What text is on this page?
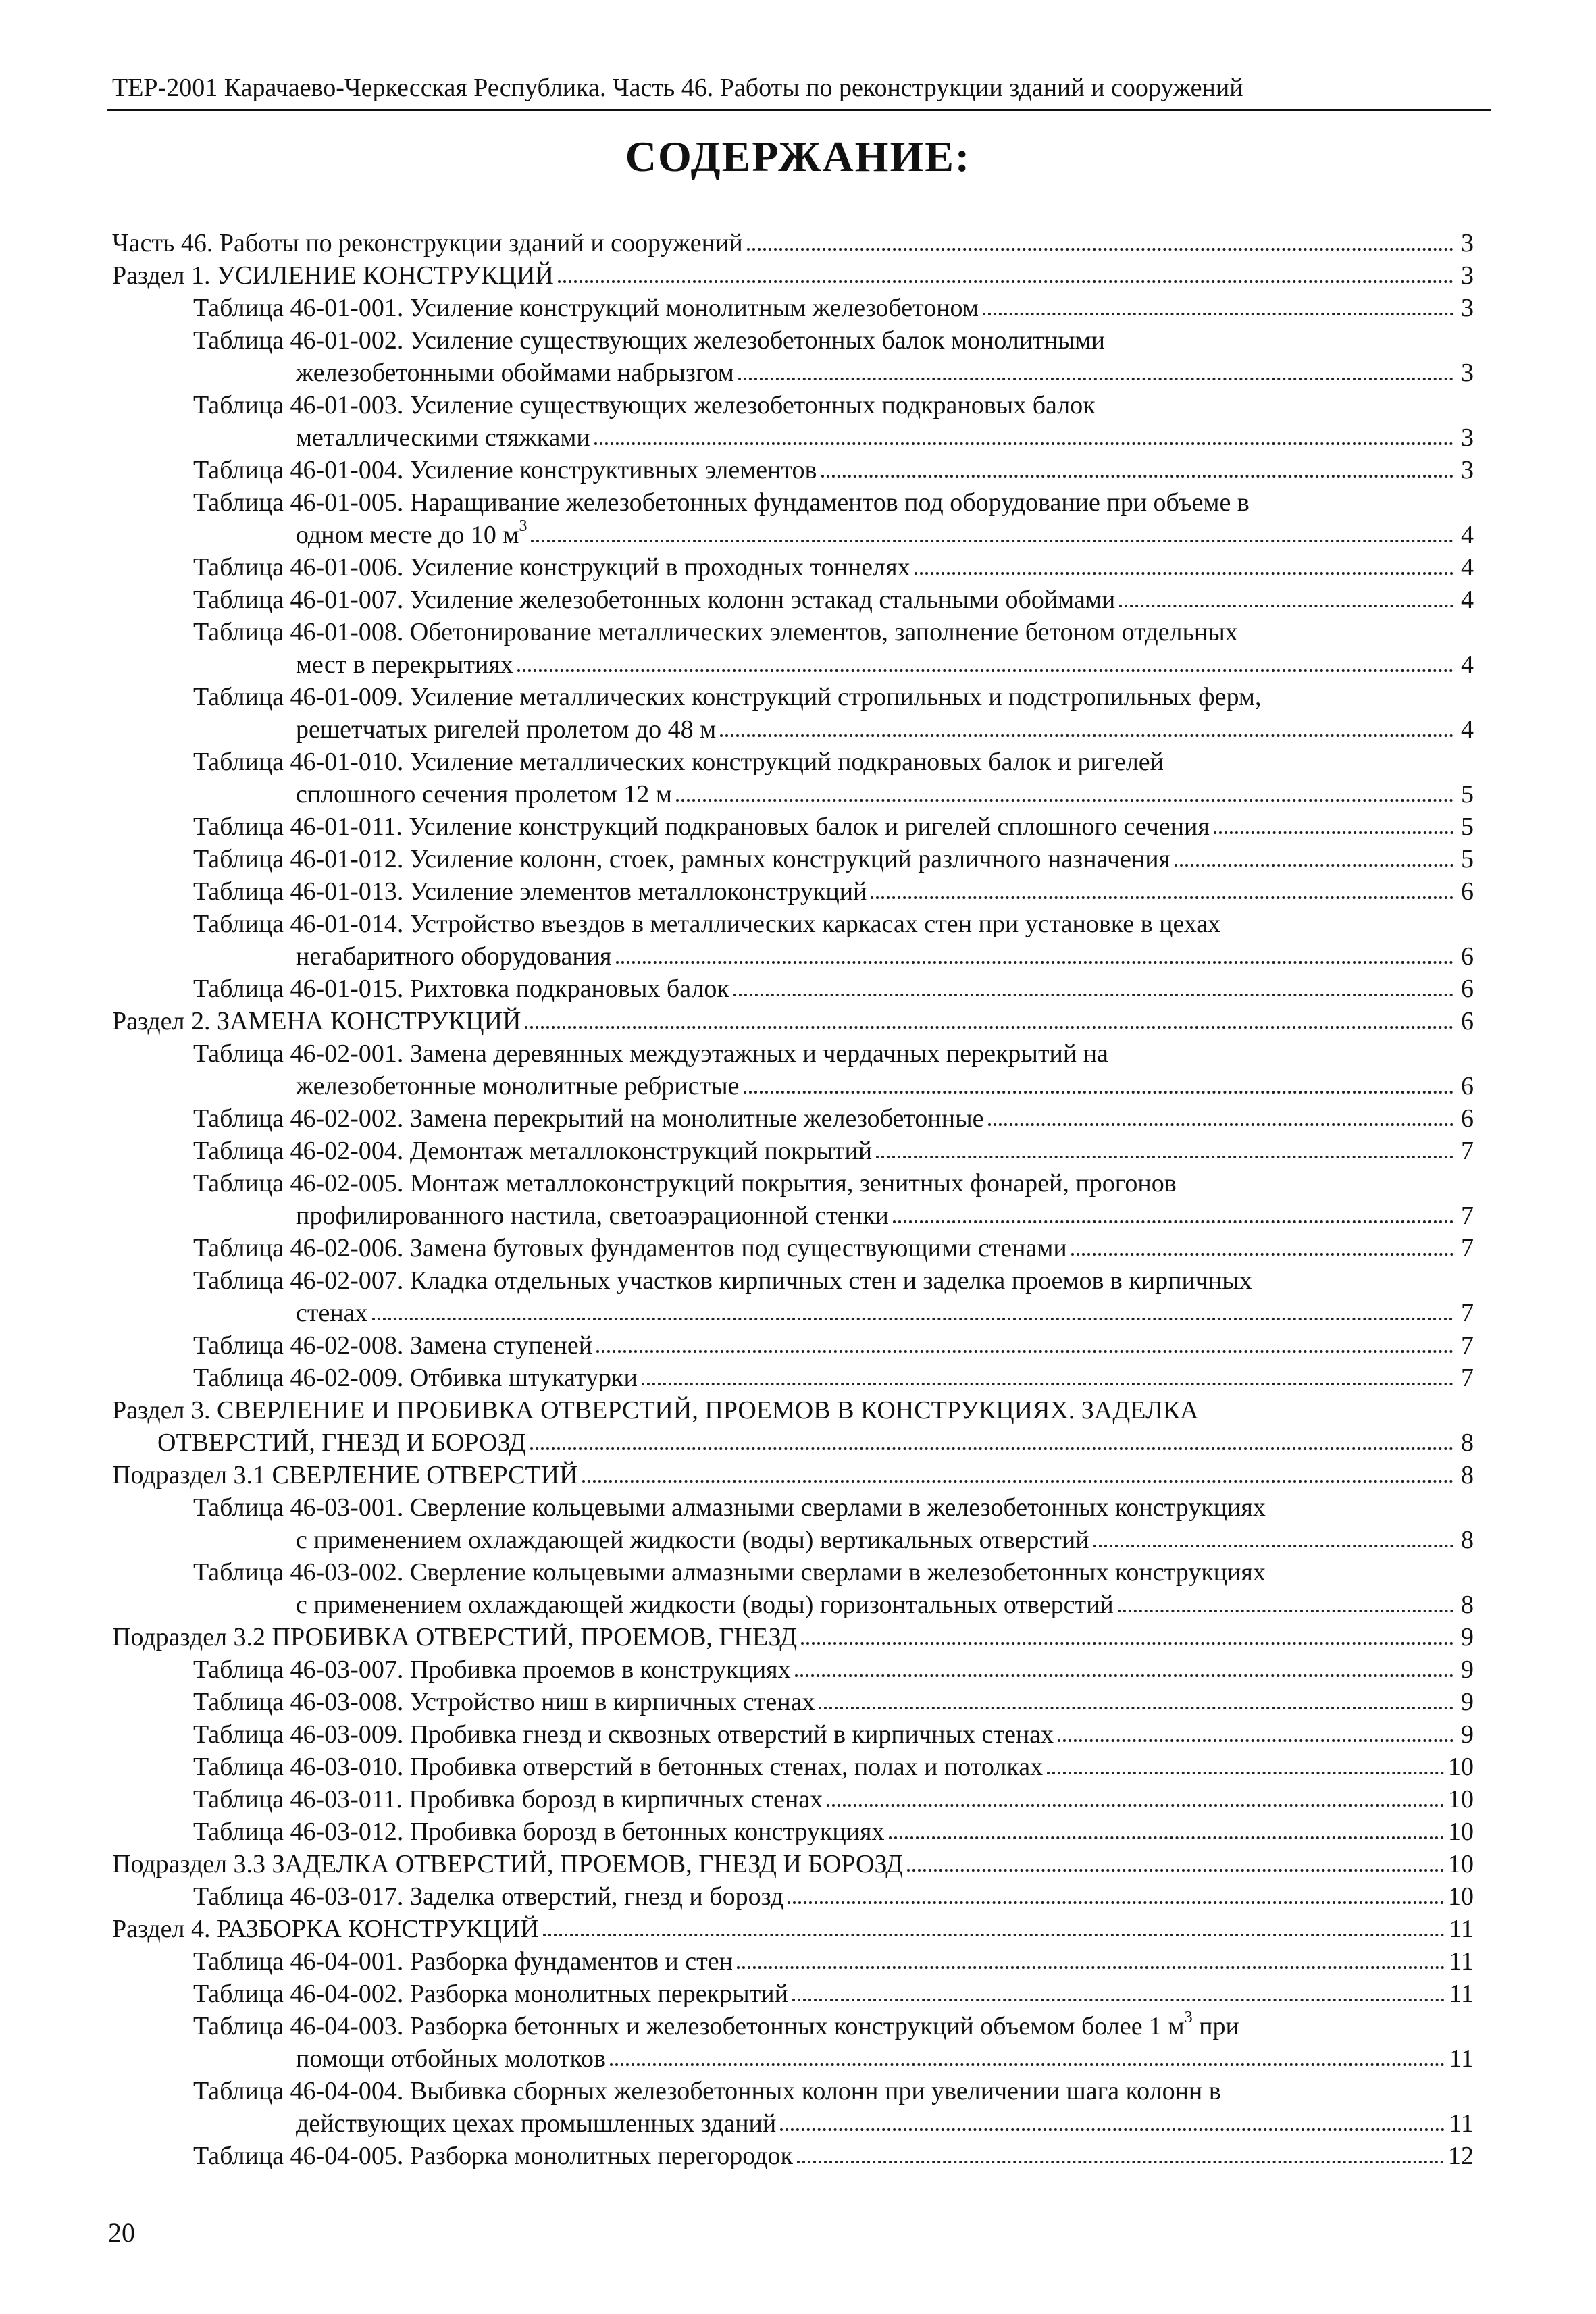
ТЕР-2001 Карачаево-Черкесская Республика. Часть 46. Работы по реконструкции зданий и сооружений
СОДЕРЖАНИЕ:
Часть 46. Работы по реконструкции зданий и сооружений	3
Раздел 1. УСИЛЕНИЕ КОНСТРУКЦИЙ	3
Таблица 46-01-001. Усиление конструкций монолитным железобетоном	3
Таблица 46-01-002. Усиление существующих железобетонных балок монолитными
железобетонными обоймами набрызгом	3
Таблица 46-01-003. Усиление существующих железобетонных подкрановых балок
металлическими стяжками	3
Таблица 46-01-004. Усиление конструктивных элементов	3
Таблица 46-01-005. Наращивание железобетонных фундаментов под оборудование при объеме в
одном месте до 10 $м^3$	4
Таблица 46-01-006. Усиление конструкций в проходных тоннелях	4
Таблица 46-01-007. Усиление железобетонных колонн эстакад стальными обоймами	4
Таблица 46-01-008. Обетонирование металлических элементов, заполнение бетоном отдельных
мест в перекрытиях	4
Таблица 46-01-009. Усиление металлических конструкций стропильных и подстропильных ферм,
решетчатых ригелей пролетом до 48 м	4
Таблица 46-01-010. Усиление металлических конструкций подкрановых балок и ригелей
сплошного сечения пролетом 12 м	5
Таблица 46-01-011. Усиление конструкций подкрановых балок и ригелей сплошного сечения	5
Таблица 46-01-012. Усиление колонн, стоек, рамных конструкций различного назначения	5
Таблица 46-01-013. Усиление элементов металлоконструкций	6
Таблица 46-01-014. Устройство въездов в металлических каркасах стен при установке в цехах
негабаритного оборудования	6
Таблица 46-01-015. Рихтовка подкрановых балок	6
Раздел 2. ЗАМЕНА КОНСТРУКЦИЙ	6
Таблица 46-02-001. Замена деревянных междуэтажных и чердачных перекрытий на
железобетонные монолитные ребристые	6
Таблица 46-02-002. Замена перекрытий на монолитные железобетонные	6
Таблица 46-02-004. Демонтаж металлоконструкций покрытий	7
Таблица 46-02-005. Монтаж металлоконструкций покрытия, зенитных фонарей, прогонов
профилированного настила, светоаэрационной стенки	7
Таблица 46-02-006. Замена бутовых фундаментов под существующими стенами	7
Таблица 46-02-007. Кладка отдельных участков кирпичных стен и заделка проемов в кирпичных
стенах	7
Таблица 46-02-008. Замена ступеней	7
Таблица 46-02-009. Отбивка штукатурки	7
Раздел 3. СВЕРЛЕНИЕ И ПРОБИВКА ОТВЕРСТИЙ, ПРОЕМОВ В КОНСТРУКЦИЯХ. ЗАДЕЛКА
ОТВЕРСТИЙ, ГНЕЗД И БОРОЗД	8
Подраздел 3.1 СВЕРЛЕНИЕ ОТВЕРСТИЙ	8
Таблица 46-03-001. Сверление кольцевыми алмазными сверлами в железобетонных конструкциях
с применением охлаждающей жидкости (воды) вертикальных отверстий	8
Таблица 46-03-002. Сверление кольцевыми алмазными сверлами в железобетонных конструкциях
с применением охлаждающей жидкости (воды) горизонтальных отверстий	8
Подраздел 3.2 ПРОБИВКА ОТВЕРСТИЙ, ПРОЕМОВ, ГНЕЗД	9
Таблица 46-03-007. Пробивка проемов в конструкциях	9
Таблица 46-03-008. Устройство ниш в кирпичных стенах	9
Таблица 46-03-009. Пробивка гнезд и сквозных отверстий в кирпичных стенах	9
Таблица 46-03-010. Пробивка отверстий в бетонных стенах, полах и потолках	10
Таблица 46-03-011. Пробивка борозд в кирпичных стенах	10
Таблица 46-03-012. Пробивка борозд в бетонных конструкциях	10
Подраздел 3.3 ЗАДЕЛКА ОТВЕРСТИЙ, ПРОЕМОВ, ГНЕЗД И БОРОЗД	10
Таблица 46-03-017. Заделка отверстий, гнезд и борозд	10
Раздел 4. РАЗБОРКА КОНСТРУКЦИЙ	11
Таблица 46-04-001. Разборка фундаментов и стен	11
Таблица 46-04-002. Разборка монолитных перекрытий	11
Таблица 46-04-003. Разборка бетонных и железобетонных конструкций объемом более 1 $м^3$ при
помощи отбойных молотков	11
Таблица 46-04-004. Выбивка сборных железобетонных колонн при увеличении шага колонн в
действующих цехах промышленных зданий	11
Таблица 46-04-005. Разборка монолитных перегородок	12
20
